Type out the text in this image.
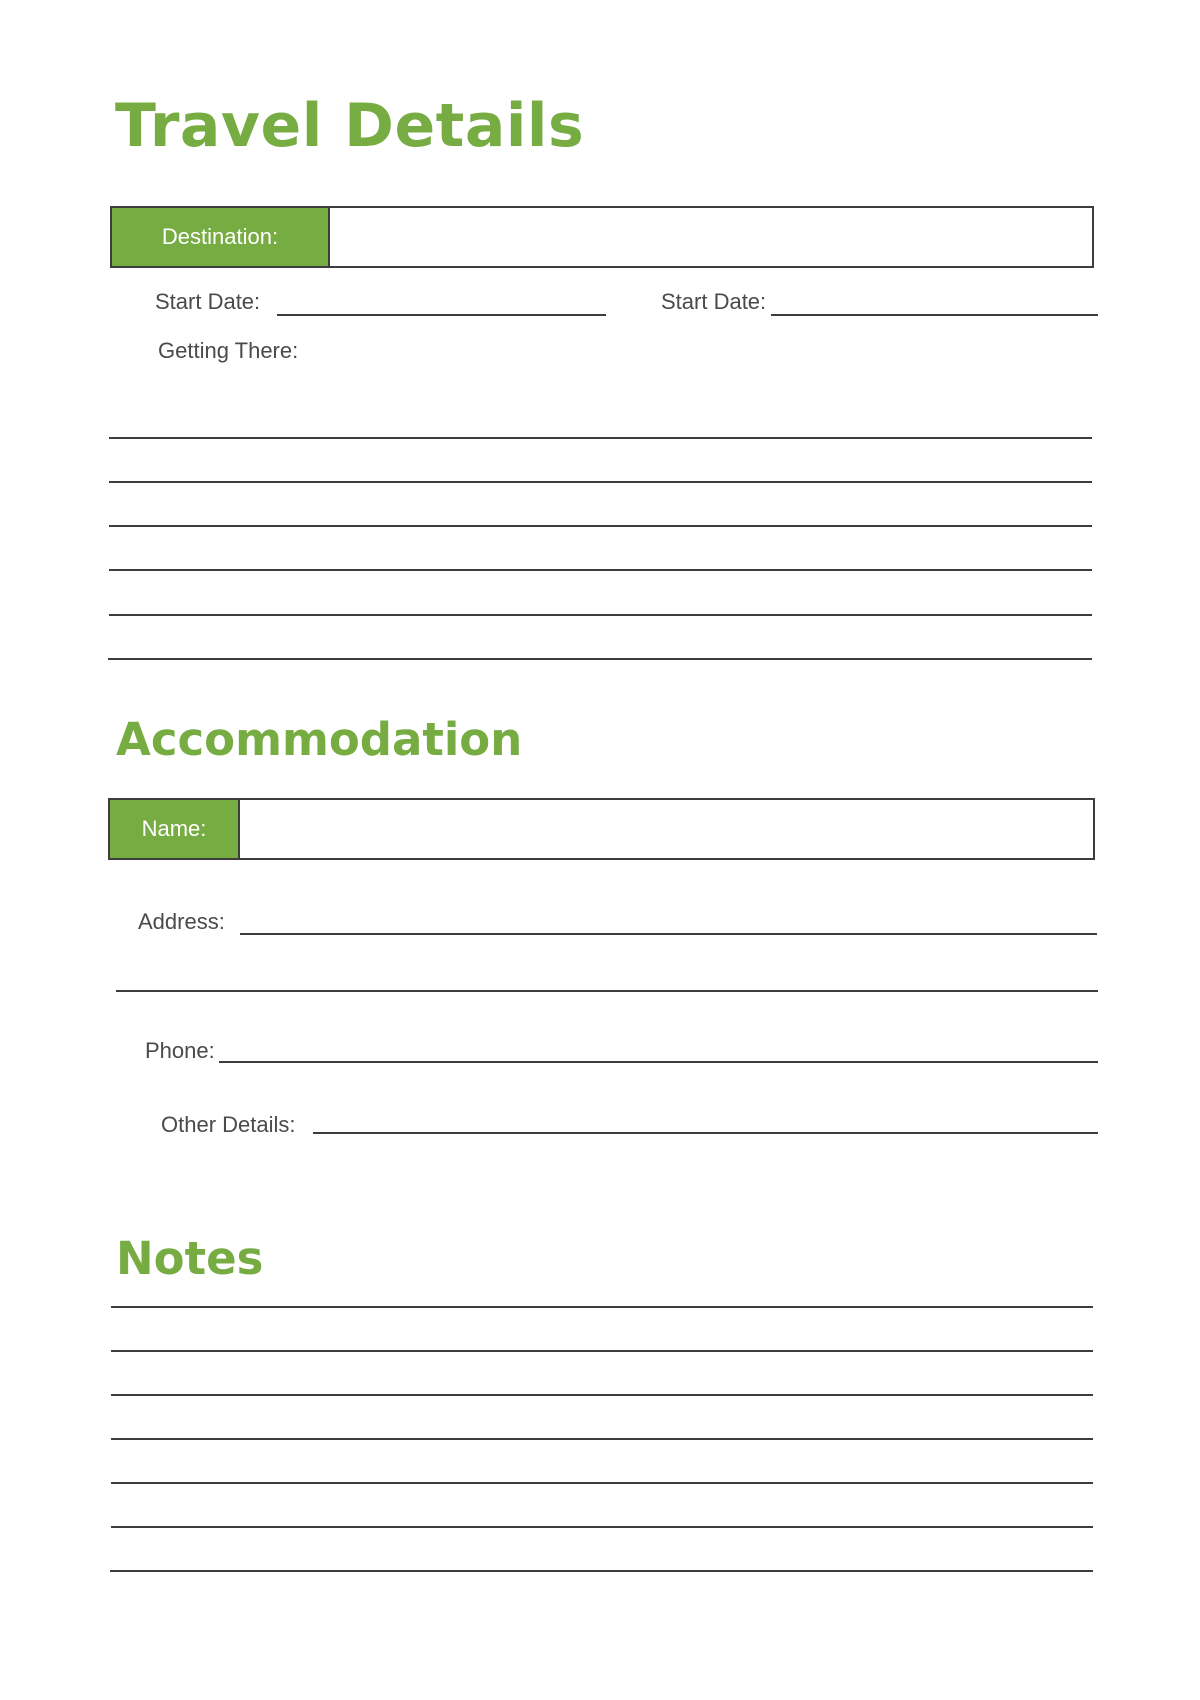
Travel Details
Destination:
Start Date:	Start Date:
Getting There:
Accommodation
Name:
Address:
Phone:
Other Details:
Notes
